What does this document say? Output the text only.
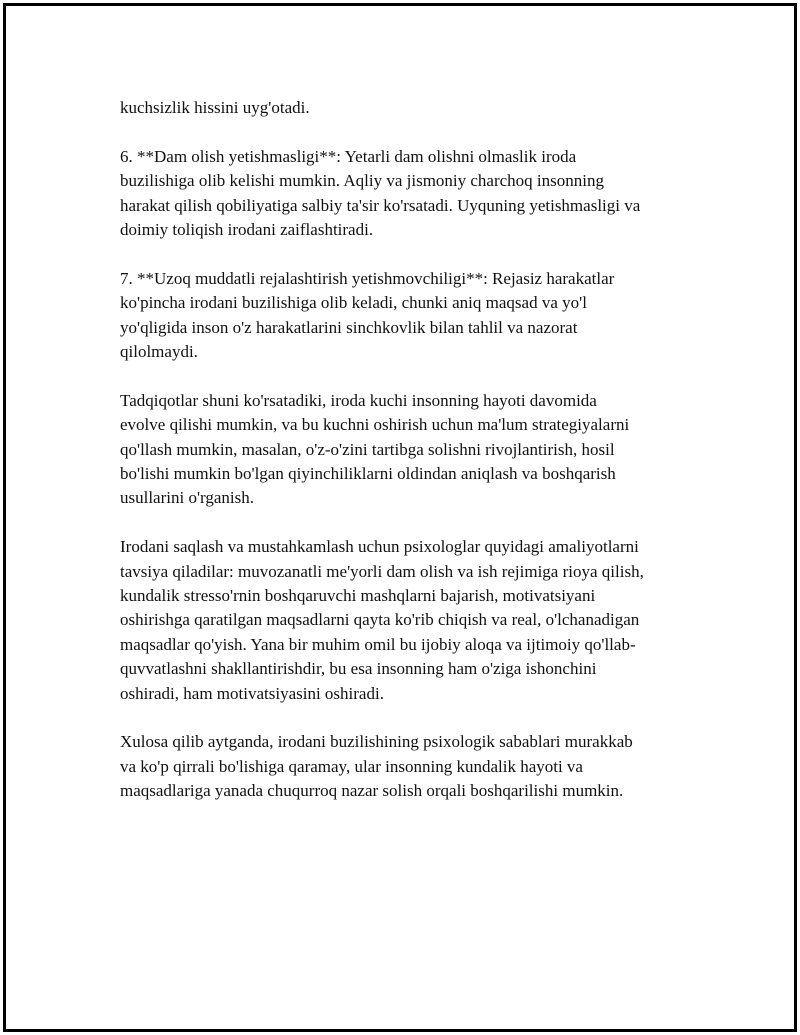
kuchsizlik hissini uyg'otadi.

6. **Dam olish yetishmasligi**: Yetarli dam olishni olmaslik iroda
buzilishiga olib kelishi mumkin. Aqliy va jismoniy charchoq insonning
harakat qilish qobiliyatiga salbiy ta'sir ko'rsatadi. Uyquning yetishmasligi va
doimiy toliqish irodani zaiflashtiradi.

7. **Uzoq muddatli rejalashtirish yetishmovchiligi**: Rejasiz harakatlar
ko'pincha irodani buzilishiga olib keladi, chunki aniq maqsad va yo'l
yo'qligida inson o'z harakatlarini sinchkovlik bilan tahlil va nazorat
qilolmaydi.

Tadqiqotlar shuni ko'rsatadiki, iroda kuchi insonning hayoti davomida
evolve qilishi mumkin, va bu kuchni oshirish uchun ma'lum strategiyalarni
qo'llash mumkin, masalan, o'z-o'zini tartibga solishni rivojlantirish, hosil
bo'lishi mumkin bo'lgan qiyinchiliklarni oldindan aniqlash va boshqarish
usullarini o'rganish.

Irodani saqlash va mustahkamlash uchun psixologlar quyidagi amaliyotlarni
tavsiya qiladilar: muvozanatli me'yorli dam olish va ish rejimiga rioya qilish,
kundalik stresso'rnin boshqaruvchi mashqlarni bajarish, motivatsiyani
oshirishga qaratilgan maqsadlarni qayta ko'rib chiqish va real, o'lchanadigan
maqsadlar qo'yish. Yana bir muhim omil bu ijobiy aloqa va ijtimoiy qo'llab-
quvvatlashni shakllantirishdir, bu esa insonning ham o'ziga ishonchini
oshiradi, ham motivatsiyasini oshiradi.

Xulosa qilib aytganda, irodani buzilishining psixologik sabablari murakkab
va ko'p qirrali bo'lishiga qaramay, ular insonning kundalik hayoti va
maqsadlariga yanada chuqurroq nazar solish orqali boshqarilishi mumkin.
